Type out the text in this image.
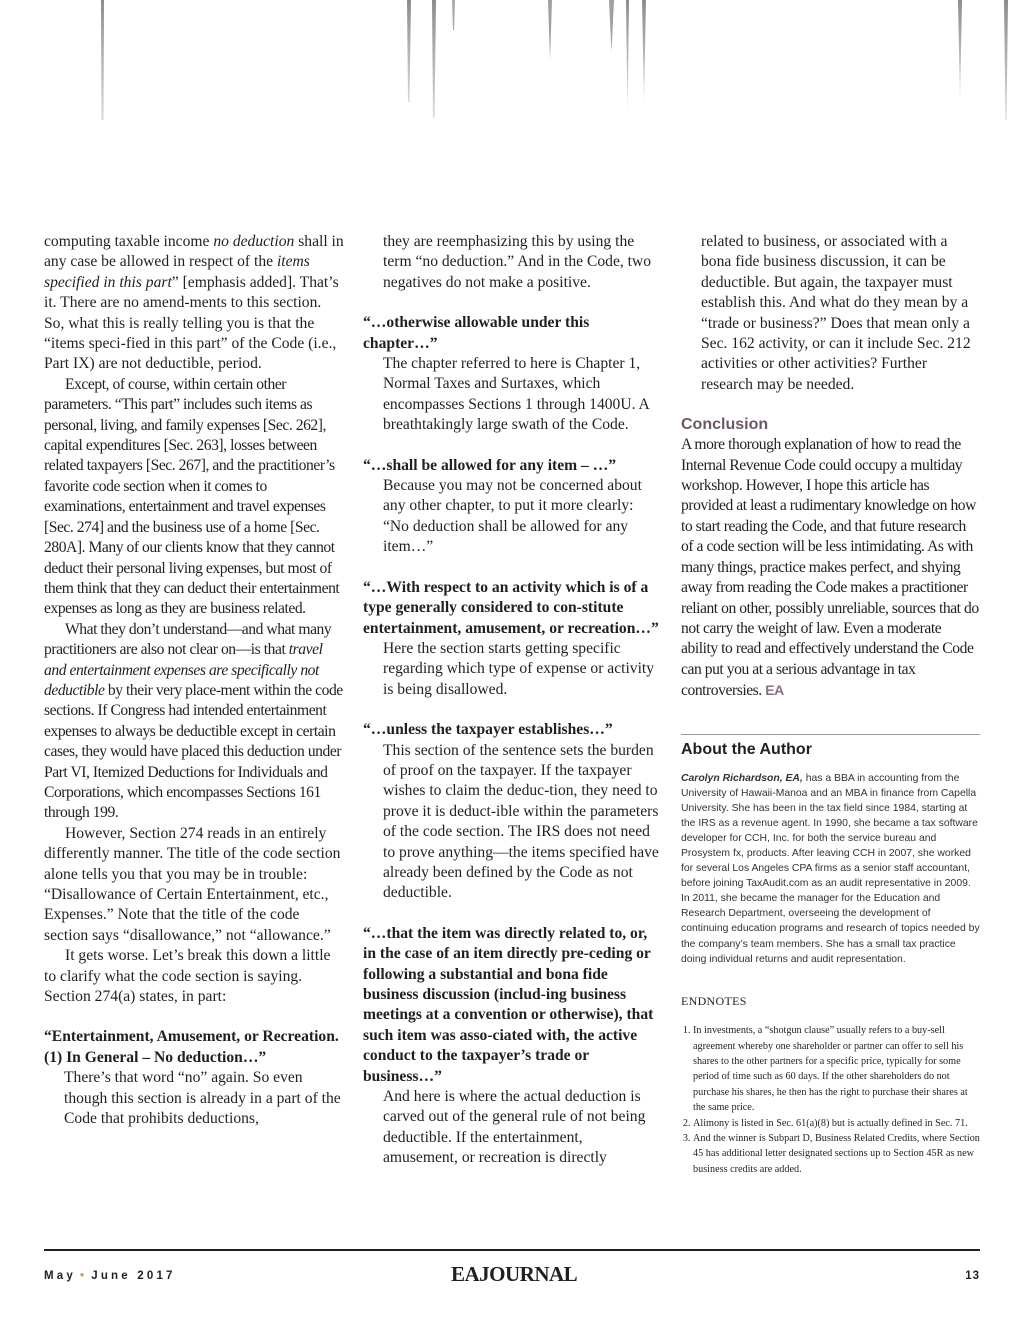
computing taxable income no deduction shall in any case be allowed in respect of the items specified in this part” [emphasis added]. That’s it. There are no amend-ments to this section. So, what this is really telling you is that the “items speci-fied in this part” of the Code (i.e., Part IX) are not deductible, period.

Except, of course, within certain other parameters. “This part” includes such items as personal, living, and family expenses [Sec. 262], capital expenditures [Sec. 263], losses between related taxpayers [Sec. 267], and the practitioner’s favorite code section when it comes to examinations, entertainment and travel expenses [Sec. 274] and the business use of a home [Sec. 280A]. Many of our clients know that they cannot deduct their personal living expenses, but most of them think that they can deduct their entertainment expenses as long as they are business related.

What they don’t understand—and what many practitioners are also not clear on—is that travel and entertainment expenses are specifically not deductible by their very place-ment within the code sections. If Congress had intended entertainment expenses to always be deductible except in certain cases, they would have placed this deduction under Part VI, Itemized Deductions for Individuals and Corporations, which encompasses Sections 161 through 199.

However, Section 274 reads in an entirely differently manner. The title of the code section alone tells you that you may be in trouble: “Disallowance of Certain Entertainment, etc., Expenses.” Note that the title of the code section says “disallowance,” not “allowance.”

It gets worse. Let’s break this down a little to clarify what the code section is saying. Section 274(a) states, in part:

“Entertainment, Amusement, or Recreation. (1) In General – No deduction…”

There’s that word “no” again. So even though this section is already in a part of the Code that prohibits deductions,

they are reemphasizing this by using the term “no deduction.” And in the Code, two negatives do not make a positive.

“…otherwise allowable under this chapter…”

The chapter referred to here is Chapter 1, Normal Taxes and Surtaxes, which encompasses Sections 1 through 1400U. A breathtakingly large swath of the Code.

“…shall be allowed for any item – …”

Because you may not be concerned about any other chapter, to put it more clearly: “No deduction shall be allowed for any item…”

“…With respect to an activity which is of a type generally considered to con-stitute entertainment, amusement, or recreation…”

Here the section starts getting specific regarding which type of expense or activity is being disallowed.

“…unless the taxpayer establishes…”

This section of the sentence sets the burden of proof on the taxpayer. If the taxpayer wishes to claim the deduc-tion, they need to prove it is deduct-ible within the parameters of the code section. The IRS does not need to prove anything—the items specified have already been defined by the Code as not deductible.

“…that the item was directly related to, or, in the case of an item directly pre-ceding or following a substantial and bona fide business discussion (includ-ing business meetings at a convention or otherwise), that such item was asso-ciated with, the active conduct to the taxpayer’s trade or business…”

And here is where the actual deduction is carved out of the general rule of not being deductible. If the entertainment, amusement, or recreation is directly

related to business, or associated with a bona fide business discussion, it can be deductible. But again, the taxpayer must establish this. And what do they mean by a “trade or business?” Does that mean only a Sec. 162 activity, or can it include Sec. 212 activities or other activities? Further research may be needed.

Conclusion

A more thorough explanation of how to read the Internal Revenue Code could occupy a multiday workshop. However, I hope this article has provided at least a rudimentary knowledge on how to start reading the Code, and that future research of a code section will be less intimidating. As with many things, practice makes perfect, and shying away from reading the Code makes a practitioner reliant on other, possibly unreliable, sources that do not carry the weight of law. Even a moderate ability to read and effectively understand the Code can put you at a serious advantage in tax controversies. EA

About the Author

Carolyn Richardson, EA, has a BBA in accounting from the University of Hawaii-Manoa and an MBA in finance from Capella University. She has been in the tax field since 1984, starting at the IRS as a revenue agent. In 1990, she became a tax software developer for CCH, Inc. for both the service bureau and Prosystem fx, products. After leaving CCH in 2007, she worked for several Los Angeles CPA firms as a senior staff accountant, before joining TaxAudit.com as an audit representative in 2009. In 2011, she became the manager for the Education and Research Department, overseeing the development of continuing education programs and research of topics needed by the company’s team members. She has a small tax practice doing individual returns and audit representation.

ENDNOTES
1. In investments, a “shotgun clause” usually refers to a buy-sell agreement whereby one shareholder or partner can offer to sell his shares to the other partners for a specific price, typically for some period of time such as 60 days. If the other shareholders do not purchase his shares, he then has the right to purchase their shares at the same price.
2. Alimony is listed in Sec. 61(a)(8) but is actually defined in Sec. 71.
3. And the winner is Subpart D, Business Related Credits, where Section 45 has additional letter designated sections up to Section 45R as new business credits are added.
May • June 2017	EAJOURNAL	13
